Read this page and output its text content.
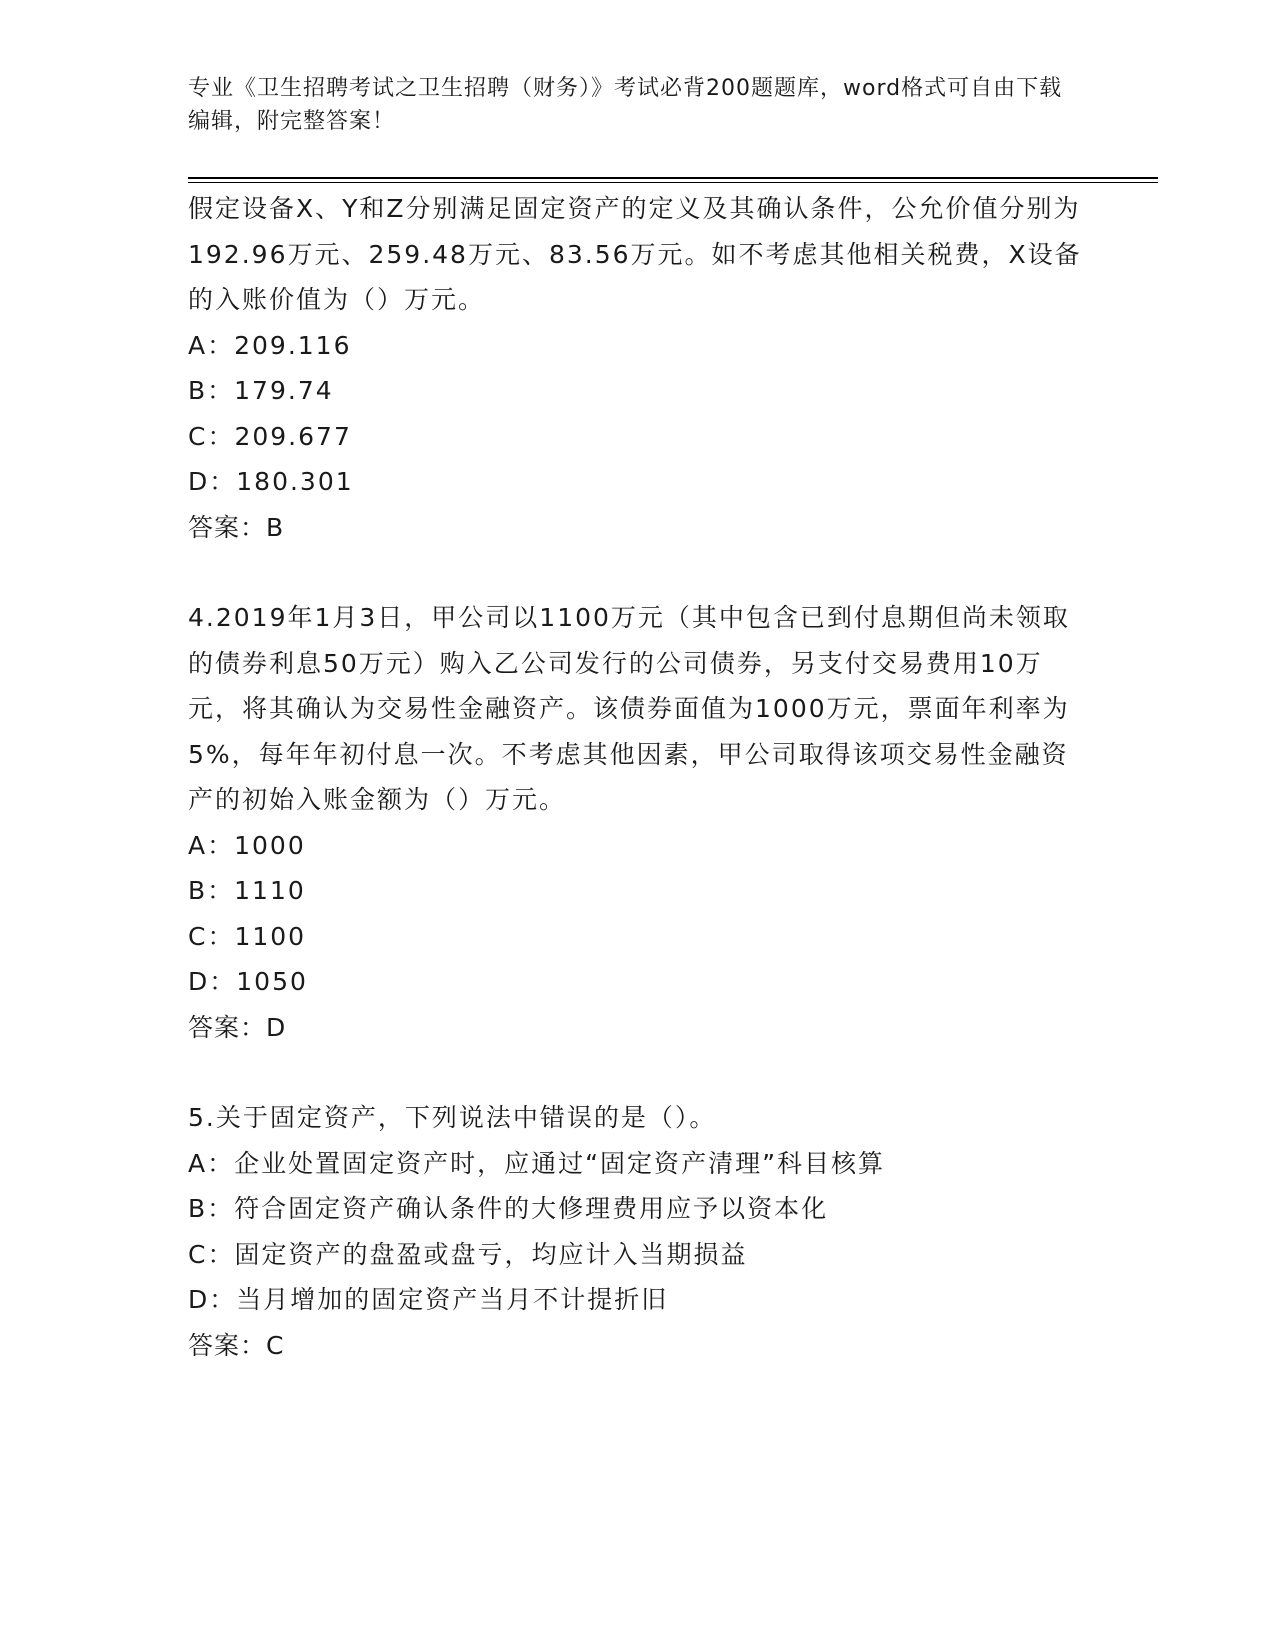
专业《卫生招聘考试之卫生招聘（财务）》考试必背200题题库，word格式可自由下载编辑，附完整答案！

假定设备X、Y和Z分别满足固定资产的定义及其确认条件，公允价值分别为192.96万元、259.48万元、83.56万元。如不考虑其他相关税费，X设备的入账价值为（）万元。

A：209.116

B：179.74

C：209.677

D：180.301

答案：B

4.2019年1月3日，甲公司以1100万元（其中包含已到付息期但尚未领取的债券利息50万元）购入乙公司发行的公司债券，另支付交易费用10万元，将其确认为交易性金融资产。该债券面值为1000万元，票面年利率为5%，每年年初付息一次。不考虑其他因素，甲公司取得该项交易性金融资产的初始入账金额为（）万元。

A：1000

B：1110

C：1100

D：1050

答案：D

5.关于固定资产，下列说法中错误的是（）。

A：企业处置固定资产时，应通过“固定资产清理”科目核算

B：符合固定资产确认条件的大修理费用应予以资本化

C：固定资产的盘盈或盘亏，均应计入当期损益

D：当月增加的固定资产当月不计提折旧

答案：C
